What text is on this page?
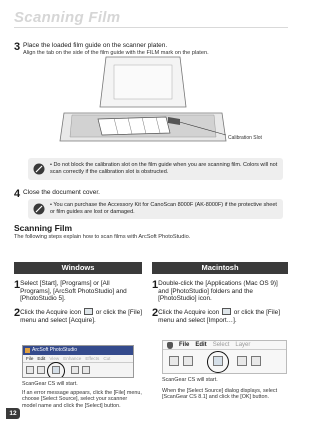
Scanning Film
3 Place the loaded film guide on the scanner platen.
Align the tab on the side of the film guide with the FILM mark on the platen.
Calibration Slot
• Do not block the calibration slot on the film guide when you are scanning film. Colors will not scan correctly if the calibration slot is obstructed.
4 Close the document cover.
• You can purchase the Accessory Kit for CanoScan 8000F (AK-8000F) if the protective sheet or film guides are lost or damaged.
Scanning Film
The following steps explain how to scan films with ArcSoft PhotoStudio.
Windows	Macintosh
1 Select [Start], [Programs] or [All Programs], [ArcSoft PhotoStudio] and [PhotoStudio 5].
2 Click the Acquire icon or click the [File] menu and select [Acquire].
ArcSoft PhotoStudio
File Edit View Enhance Effects Cut
ScanGear CS will start.
If an error message appears, click the [File] menu, choose [Select Source], select your scanner model name and click the [Select] button.
1 Double-click the [Applications (Mac OS 9)] and [PhotoStudio] folders and the [PhotoStudio] icon.
2 Click the Acquire icon or click the [File] menu and select [Import…].
File Edit Select Layer
ScanGear CS will start.
When the [Select Source] dialog displays, select [ScanGear CS 8.1] and click the [OK] button.
12
